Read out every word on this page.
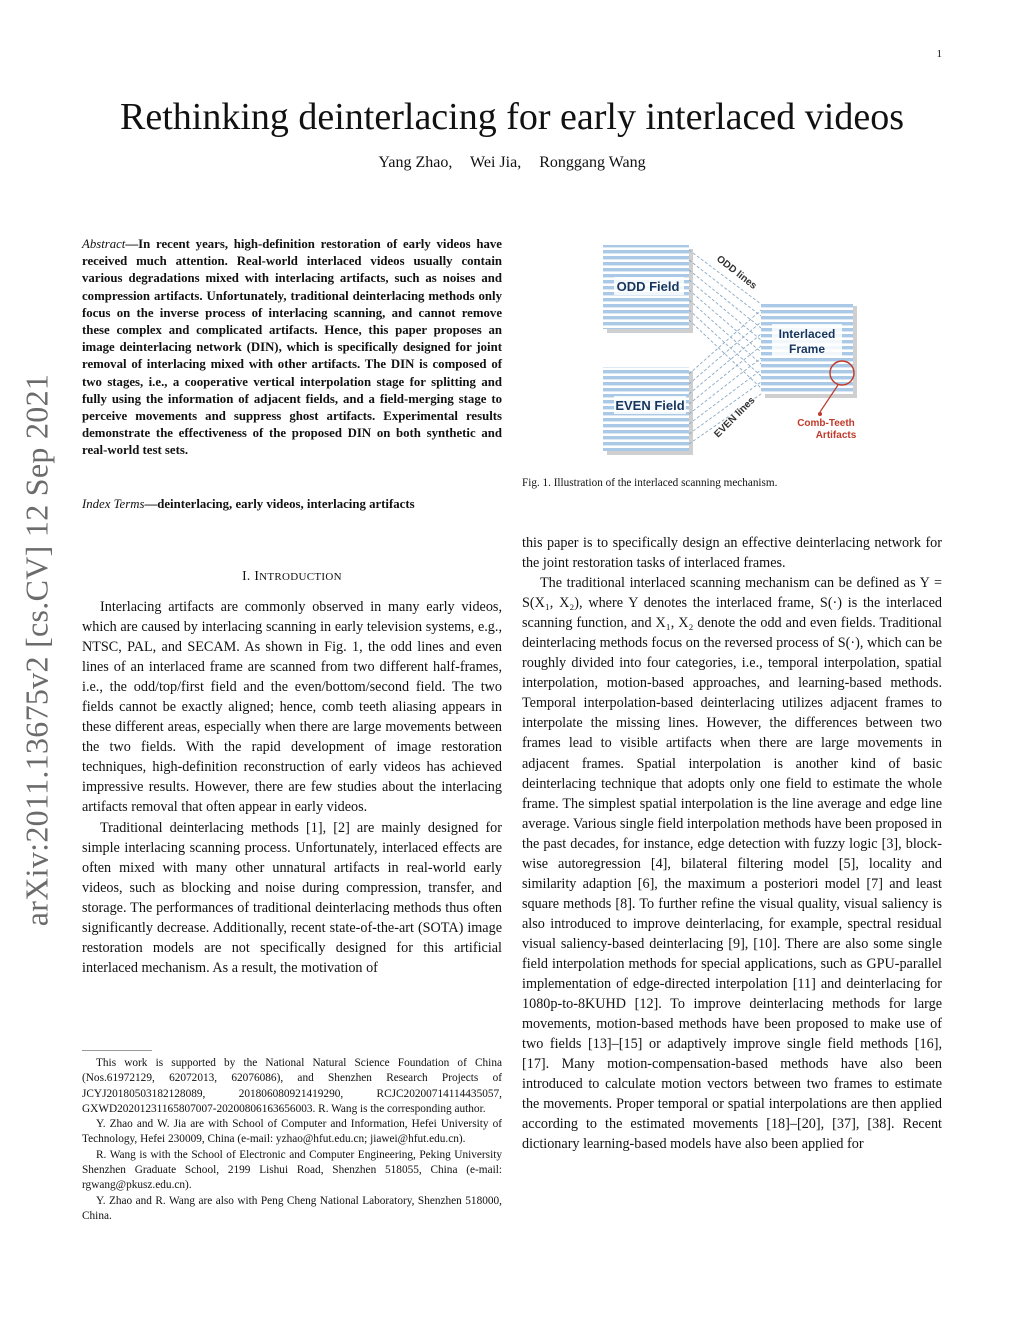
1
Rethinking deinterlacing for early interlaced videos
Yang Zhao, Wei Jia, Ronggang Wang
arXiv:2011.13675v2 [cs.CV] 12 Sep 2021
Abstract—In recent years, high-definition restoration of early videos have received much attention. Real-world interlaced videos usually contain various degradations mixed with interlacing artifacts, such as noises and compression artifacts. Unfortunately, traditional deinterlacing methods only focus on the inverse process of interlacing scanning, and cannot remove these complex and complicated artifacts. Hence, this paper proposes an image deinterlacing network (DIN), which is specifically designed for joint removal of interlacing mixed with other artifacts. The DIN is composed of two stages, i.e., a cooperative vertical interpolation stage for splitting and fully using the information of adjacent fields, and a field-merging stage to perceive movements and suppress ghost artifacts. Experimental results demonstrate the effectiveness of the proposed DIN on both synthetic and real-world test sets.
Index Terms—deinterlacing, early videos, interlacing artifacts
I. INTRODUCTION

Interlacing artifacts are commonly observed in many early videos, which are caused by interlacing scanning in early television systems, e.g., NTSC, PAL, and SECAM. As shown in Fig. 1, the odd lines and even lines of an interlaced frame are scanned from two different half-frames, i.e., the odd/top/first field and the even/bottom/second field. The two fields cannot be exactly aligned; hence, comb teeth aliasing appears in these different areas, especially when there are large movements between the two fields. With the rapid development of image restoration techniques, high-definition reconstruction of early videos has achieved impressive results. However, there are few studies about the interlacing artifacts removal that often appear in early videos.

Traditional deinterlacing methods [1], [2] are mainly designed for simple interlacing scanning process. Unfortunately, interlaced effects are often mixed with many other unnatural artifacts in real-world early videos, such as blocking and noise during compression, transfer, and storage. The performances of traditional deinterlacing methods thus often significantly decrease. Additionally, recent state-of-the-art (SOTA) image restoration models are not specifically designed for this artificial interlaced mechanism. As a result, the motivation of

This work is supported by the National Natural Science Foundation of China (Nos.61972129, 62072013, 62076086), and Shenzhen Research Projects of JCYJ20180503182128089, 201806080921419290, RCJC20200714114435057, GXWD20201231165807007-20200806163656003. R. Wang is the corresponding author.

Y. Zhao and W. Jia are with School of Computer and Information, Hefei University of Technology, Hefei 230009, China (e-mail: yzhao@hfut.edu.cn; jiawei@hfut.edu.cn).

R. Wang is with the School of Electronic and Computer Engineering, Peking University Shenzhen Graduate School, 2199 Lishui Road, Shenzhen 518055, China (e-mail: rgwang@pkusz.edu.cn).

Y. Zhao and R. Wang are also with Peng Cheng National Laboratory, Shenzhen 518000, China.

ODD Field
EVEN Field
ODD lines
EVEN lines
Interlaced
Frame
Comb-Teeth
Artifacts
Fig. 1. Illustration of the interlaced scanning mechanism.

this paper is to specifically design an effective deinterlacing network for the joint restoration tasks of interlaced frames.

The traditional interlaced scanning mechanism can be defined as Y = S(X₁, X₂), where Y denotes the interlaced frame, S(·) is the interlaced scanning function, and X₁, X₂ denote the odd and even fields. Traditional deinterlacing methods focus on the reversed process of S(·), which can be roughly divided into four categories, i.e., temporal interpolation, spatial interpolation, motion-based approaches, and learning-based methods. Temporal interpolation-based deinterlacing utilizes adjacent frames to interpolate the missing lines. However, the differences between two frames lead to visible artifacts when there are large movements in adjacent frames. Spatial interpolation is another kind of basic deinterlacing technique that adopts only one field to estimate the whole frame. The simplest spatial interpolation is the line average and edge line average. Various single field interpolation methods have been proposed in the past decades, for instance, edge detection with fuzzy logic [3], block-wise autoregression [4], bilateral filtering model [5], locality and similarity adaption [6], the maximum a posteriori model [7] and least square methods [8]. To further refine the visual quality, visual saliency is also introduced to improve deinterlacing, for example, spectral residual visual saliency-based deinterlacing [9], [10]. There are also some single field interpolation methods for special applications, such as GPU-parallel implementation of edge-directed interpolation [11] and deinterlacing for 1080p-to-8KUHD [12]. To improve deinterlacing methods for large movements, motion-based methods have been proposed to make use of two fields [13]–[15] or adaptively improve single field methods [16], [17]. Many motion-compensation-based methods have also been introduced to calculate motion vectors between two frames to estimate the movements. Proper temporal or spatial interpolations are then applied according to the estimated movements [18]–[20], [37], [38]. Recent dictionary learning-based models have also been applied for
